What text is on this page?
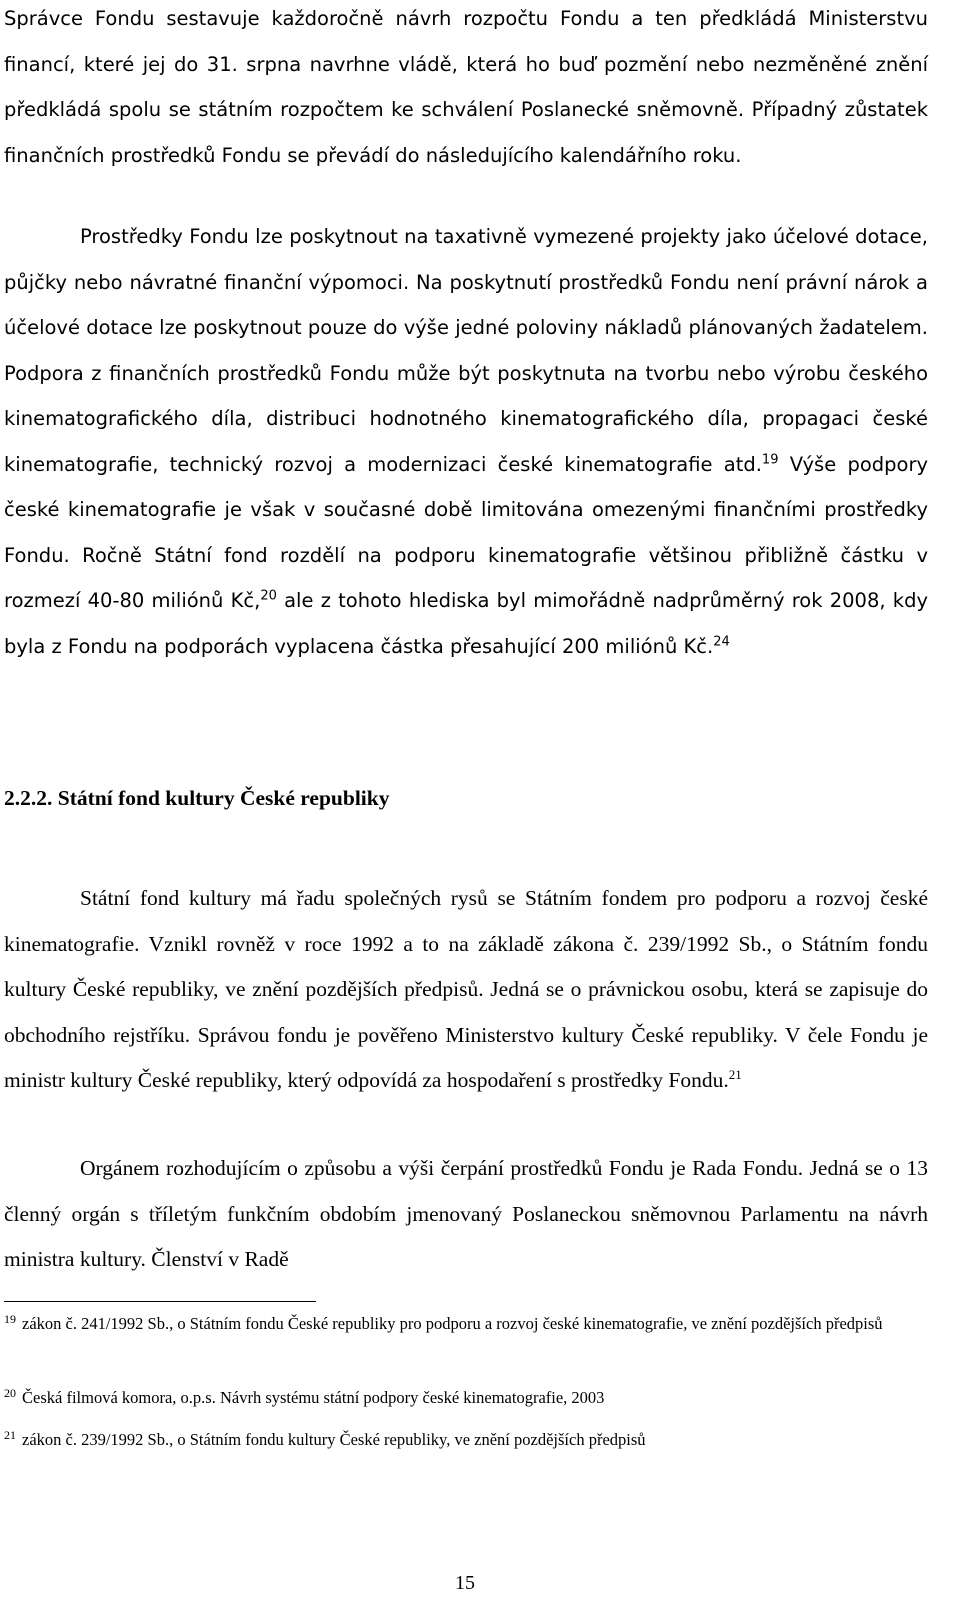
Správce Fondu sestavuje každoročně návrh rozpočtu Fondu a ten předkládá Ministerstvu financí, které jej do 31. srpna navrhne vládě, která ho buď pozmění nebo nezměněné znění předkládá spolu se státním rozpočtem ke schválení Poslanecké sněmovně. Případný zůstatek finančních prostředků Fondu se převádí do následujícího kalendářního roku.

Prostředky Fondu lze poskytnout na taxativně vymezené projekty jako účelové dotace, půjčky nebo návratné finanční výpomoci. Na poskytnutí prostředků Fondu není právní nárok a účelové dotace lze poskytnout pouze do výše jedné poloviny nákladů plánovaných žadatelem. Podpora z finančních prostředků Fondu může být poskytnuta na tvorbu nebo výrobu českého kinematografického díla, distribuci hodnotného kinematografického díla, propagaci české kinematografie, technický rozvoj a modernizaci české kinematografie atd.$^{19}$ Výše podpory české kinematografie je však v současné době limitována omezenými finančními prostředky Fondu. Ročně Státní fond rozdělí na podporu kinematografie většinou přibližně částku v rozmezí 40-80 miliónů Kč,$^{20}$ ale z tohoto hlediska byl mimořádně nadprůměrný rok 2008, kdy byla z Fondu na podporách vyplacena částka přesahující 200 miliónů Kč.$^{24}$

2.2.2. Státní fond kultury České republiky

Státní fond kultury má řadu společných rysů se Státním fondem pro podporu a rozvoj české kinematografie. Vznikl rovněž v roce 1992 a to na základě zákona č. 239/1992 Sb., o Státním fondu kultury České republiky, ve znění pozdějších předpisů. Jedná se o právnickou osobu, která se zapisuje do obchodního rejstříku. Správou fondu je pověřeno Ministerstvo kultury České republiky. V čele Fondu je ministr kultury České republiky, který odpovídá za hospodaření s prostředky Fondu.$^{21}$

Orgánem rozhodujícím o způsobu a výši čerpání prostředků Fondu je Rada Fondu. Jedná se o 13 členný orgán s tříletým funkčním obdobím jmenovaný Poslaneckou sněmovnou Parlamentu na návrh ministra kultury. Členství v Radě

$^{19}$ zákon č. 241/1992 Sb., o Státním fondu České republiky pro podporu a rozvoj české kinematografie, ve znění pozdějších předpisů

$^{20}$ Česká filmová komora, o.p.s. Návrh systému státní podpory české kinematografie, 2003

$^{21}$ zákon č. 239/1992 Sb., o Státním fondu kultury České republiky, ve znění pozdějších předpisů

15
